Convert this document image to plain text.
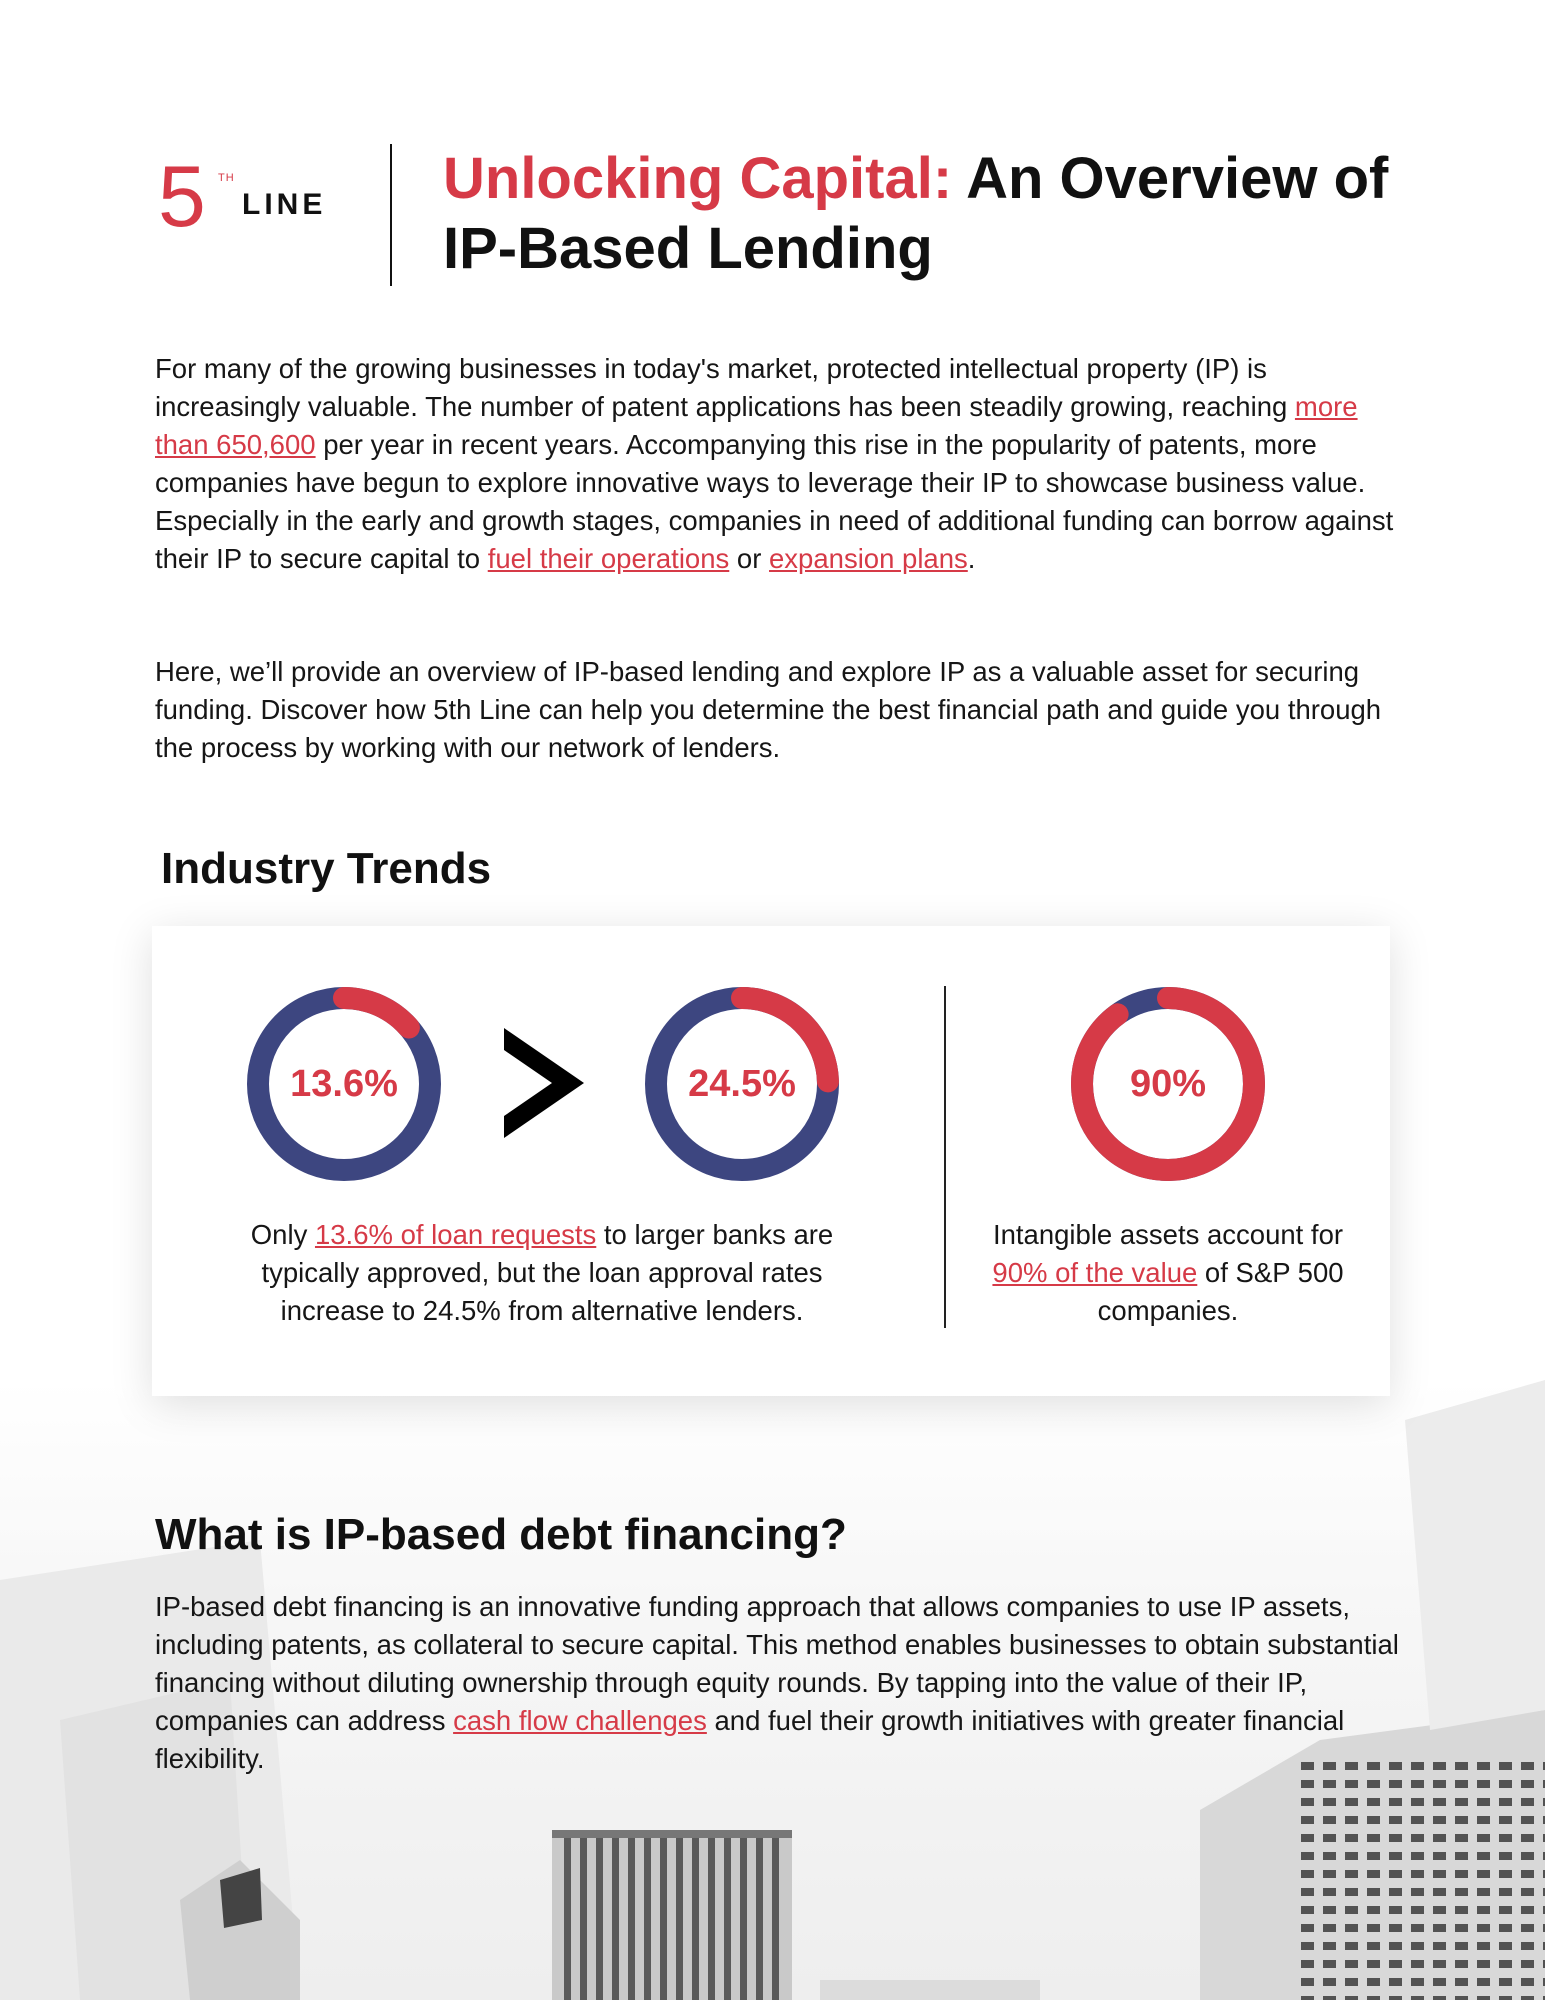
5 TH
LINE Unlocking Capital: An Overview of IP-Based Lending
For many of the growing businesses in today's market, protected intellectual property (IP) is increasingly valuable. The number of patent applications has been steadily growing, reaching more than 650,600 per year in recent years. Accompanying this rise in the popularity of patents, more companies have begun to explore innovative ways to leverage their IP to showcase business value. Especially in the early and growth stages, companies in need of additional funding can borrow against their IP to secure capital to fuel their operations or expansion plans.
Here, we’ll provide an overview of IP-based lending and explore IP as a valuable asset for securing funding. Discover how 5th Line can help you determine the best financial path and guide you through the process by working with our network of lenders.
Industry Trends
13.6%	24.5%	90%
Only 13.6% of loan requests to larger banks are typically approved, but the loan approval rates increase to 24.5% from alternative lenders.
Intangible assets account for 90% of the value of S&P 500 companies.
What is IP-based debt financing?
IP-based debt financing is an innovative funding approach that allows companies to use IP assets, including patents, as collateral to secure capital. This method enables businesses to obtain substantial financing without diluting ownership through equity rounds. By tapping into the value of their IP, companies can address cash flow challenges and fuel their growth initiatives with greater financial flexibility.
